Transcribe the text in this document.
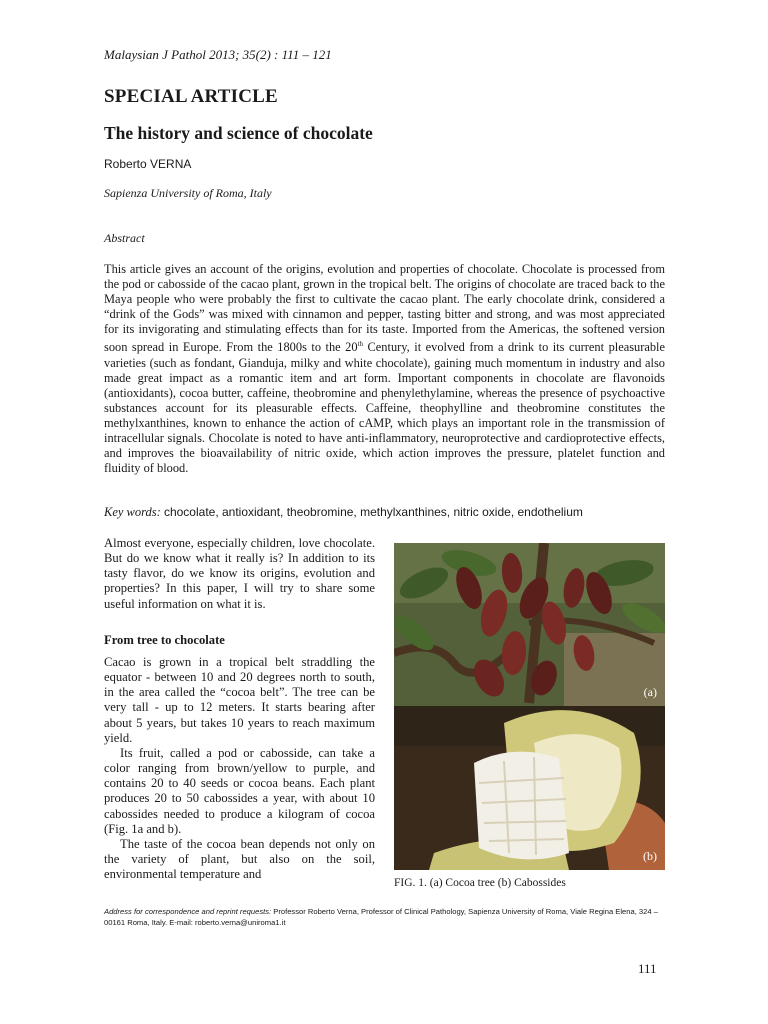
Malaysian J Pathol 2013; 35(2) : 111 – 121
SPECIAL ARTICLE
The history and science of chocolate
Roberto VERNA
Sapienza University of Roma, Italy
Abstract

This article gives an account of the origins, evolution and properties of chocolate. Chocolate is processed from the pod or cabosside of the cacao plant, grown in the tropical belt. The origins of chocolate are traced back to the Maya people who were probably the first to cultivate the cacao plant. The early chocolate drink, considered a “drink of the Gods” was mixed with cinnamon and pepper, tasting bitter and strong, and was most appreciated for its invigorating and stimulating effects than for its taste. Imported from the Americas, the softened version soon spread in Europe. From the 1800s to the 20th Century, it evolved from a drink to its current pleasurable varieties (such as fondant, Gianduja, milky and white chocolate), gaining much momentum in industry and also made great impact as a romantic item and art form. Important components in chocolate are flavonoids (antioxidants), cocoa butter, caffeine, theobromine and phenylethylamine, whereas the presence of psychoactive substances account for its pleasurable effects. Caffeine, theophylline and theobromine constitutes the methylxanthines, known to enhance the action of cAMP, which plays an important role in the transmission of intracellular signals. Chocolate is noted to have anti-inflammatory, neuroprotective and cardioprotective effects, and improves the bioavailability of nitric oxide, which action improves the pressure, platelet function and fluidity of blood.

Key words: chocolate, antioxidant, theobromine, methylxanthines, nitric oxide, endothelium

Almost everyone, especially children, love chocolate. But do we know what it really is? In addition to its tasty flavor, do we know its origins, evolution and properties? In this paper, I will try to share some useful information on what it is.

From tree to chocolate

Cacao is grown in a tropical belt straddling the equator - between 10 and 20 degrees north to south, in the area called the “cocoa belt”. The tree can be very tall - up to 12 meters. It starts bearing after about 5 years, but takes 10 years to reach maximum yield.

Its fruit, called a pod or cabosside, can take a color ranging from brown/yellow to purple, and contains 20 to 40 seeds or cocoa beans. Each plant produces 20 to 50 cabossides a year, with about 10 cabossides needed to produce a kilogram of cocoa (Fig. 1a and b).

The taste of the cocoa bean depends not only on the variety of plant, but also on the soil, environmental temperature and

(a)
(b)
FIG. 1. (a) Cocoa tree (b) Cabossides
Address for correspondence and reprint requests: Professor Roberto Verna, Professor of Clinical Pathology, Sapienza University of Roma, Viale Regina Elena, 324 – 00161 Roma, Italy. E-mail: roberto.verna@uniroma1.it
111
